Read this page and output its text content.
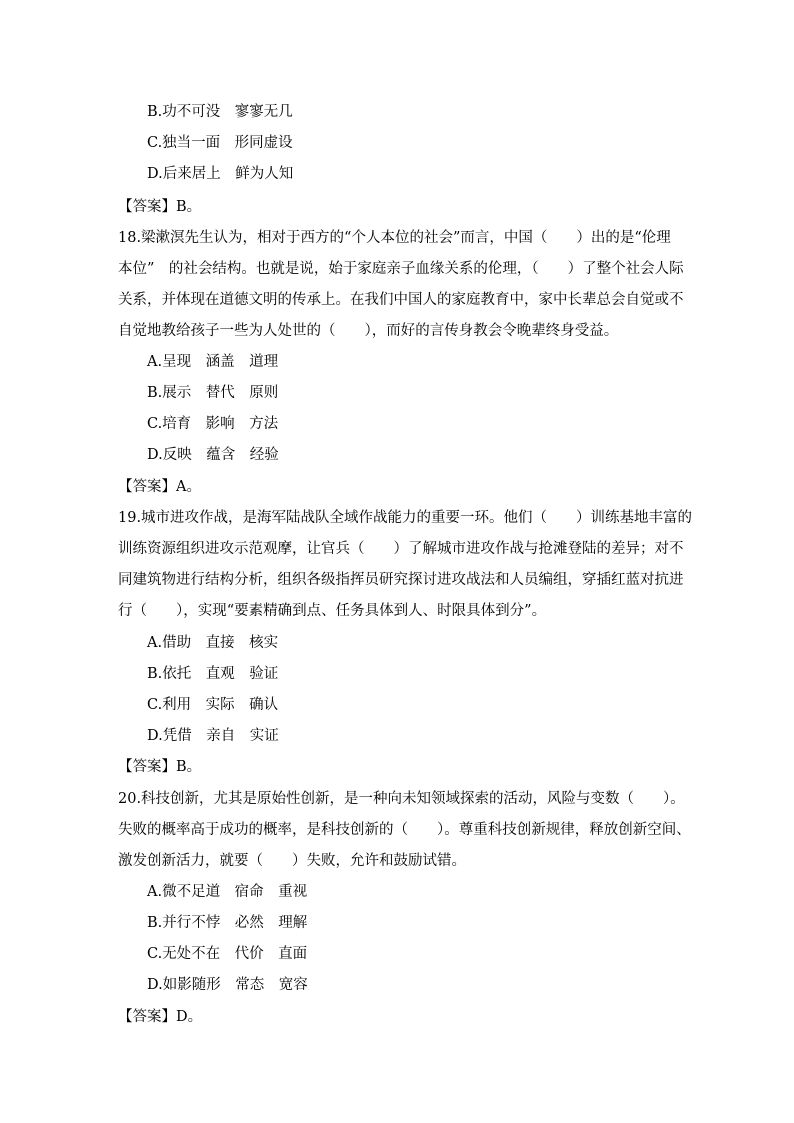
B.功不可没　寥寥无几
C.独当一面　形同虚设
D.后来居上　鲜为人知
【答案】B。
18.梁漱溟先生认为，相对于西方的“个人本位的社会”而言，中国（　　）出的是“伦理
本位”　的社会结构。也就是说，始于家庭亲子血缘关系的伦理，（　　）了整个社会人际
关系，并体现在道德文明的传承上。在我们中国人的家庭教育中，家中长辈总会自觉或不
自觉地教给孩子一些为人处世的（　　），而好的言传身教会令晚辈终身受益。
A.呈现　涵盖　道理
B.展示　替代　原则
C.培育　影响　方法
D.反映　蕴含　经验
【答案】A。
19.城市进攻作战，是海军陆战队全域作战能力的重要一环。他们（　　）训练基地丰富的
训练资源组织进攻示范观摩，让官兵（　　）了解城市进攻作战与抢滩登陆的差异；对不
同建筑物进行结构分析，组织各级指挥员研究探讨进攻战法和人员编组，穿插红蓝对抗进
行（　　），实现“要素精确到点、任务具体到人、时限具体到分”。
A.借助　直接　核实
B.依托　直观　验证
C.利用　实际　确认
D.凭借　亲自　实证
【答案】B。
20.科技创新，尤其是原始性创新，是一种向未知领域探索的活动，风险与变数（　　）。
失败的概率高于成功的概率，是科技创新的（　　）。尊重科技创新规律，释放创新空间、
激发创新活力，就要（　　）失败，允许和鼓励试错。
A.微不足道　宿命　重视
B.并行不悖　必然　理解
C.无处不在　代价　直面
D.如影随形　常态　宽容
【答案】D。
